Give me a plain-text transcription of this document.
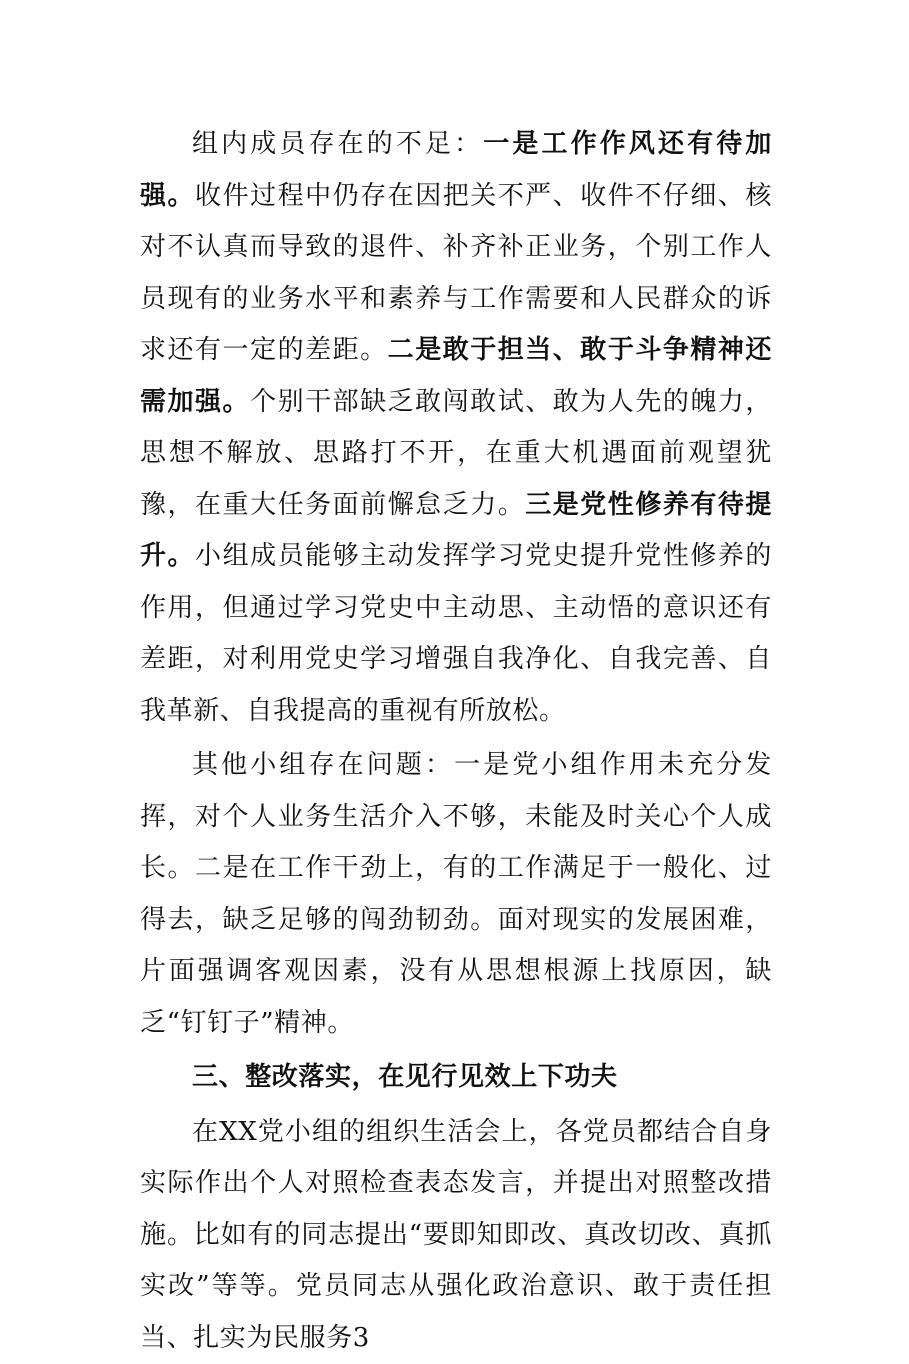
组内成员存在的不足：一是工作作风还有待加强。收件过程中仍存在因把关不严、收件不仔细、核对不认真而导致的退件、补齐补正业务，个别工作人员现有的业务水平和素养与工作需要和人民群众的诉求还有一定的差距。二是敢于担当、敢于斗争精神还需加强。个别干部缺乏敢闯敢试、敢为人先的魄力，思想不解放、思路打不开，在重大机遇面前观望犹豫，在重大任务面前懈怠乏力。三是党性修养有待提升。小组成员能够主动发挥学习党史提升党性修养的作用，但通过学习党史中主动思、主动悟的意识还有差距，对利用党史学习增强自我净化、自我完善、自我革新、自我提高的重视有所放松。

其他小组存在问题：一是党小组作用未充分发挥，对个人业务生活介入不够，未能及时关心个人成长。二是在工作干劲上，有的工作满足于一般化、过得去，缺乏足够的闯劲韧劲。面对现实的发展困难，片面强调客观因素，没有从思想根源上找原因，缺乏“钉钉子”精神。

三、整改落实，在见行见效上下功夫

在XX党小组的组织生活会上，各党员都结合自身实际作出个人对照检查表态发言，并提出对照整改措施。比如有的同志提出“要即知即改、真改切改、真抓实改”等等。党员同志从强化政治意识、敢于责任担当、扎实为民服务3
